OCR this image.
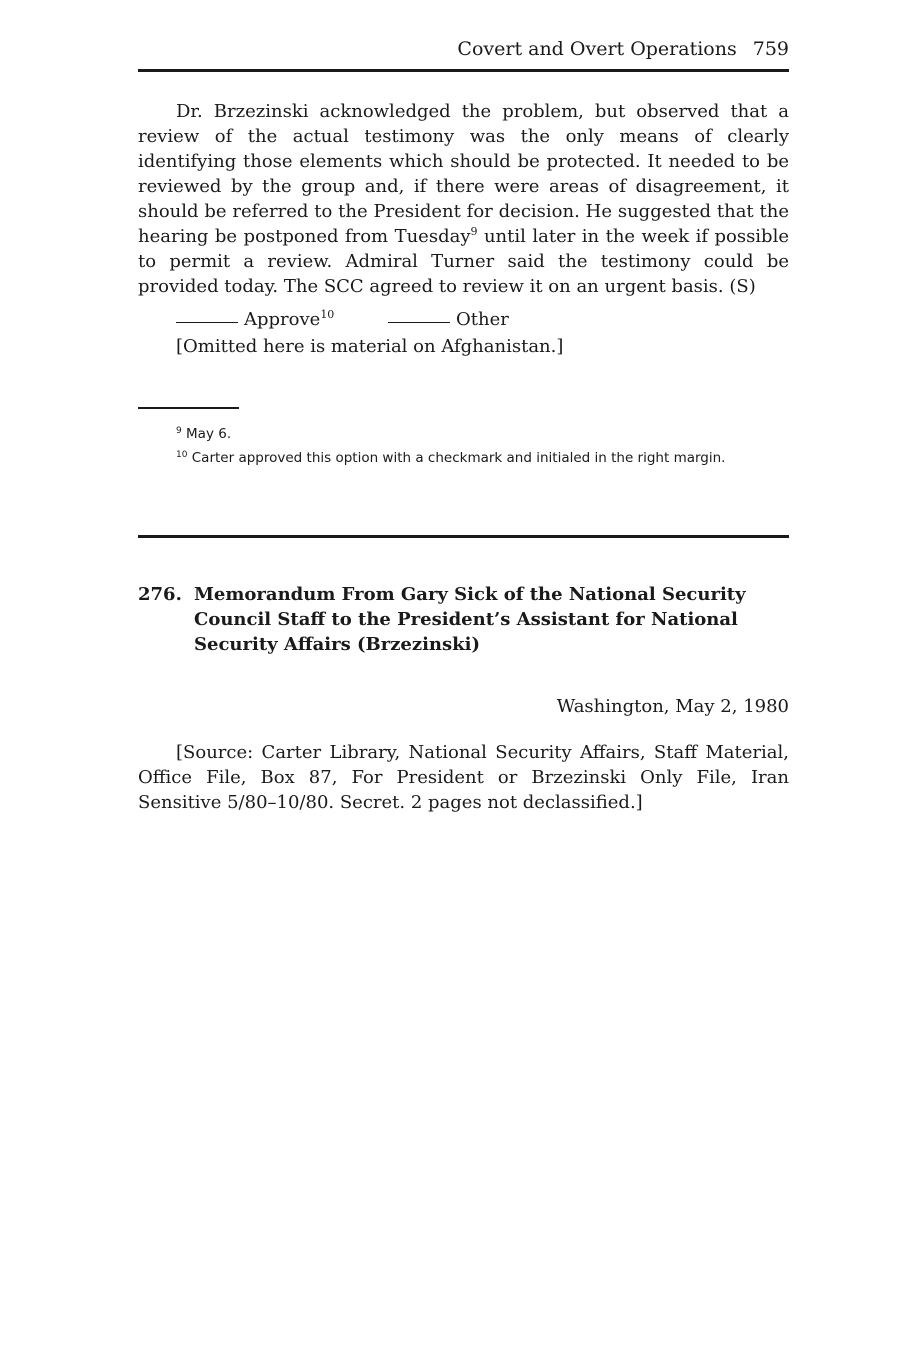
Covert and Overt Operations 759

Dr. Brzezinski acknowledged the problem, but observed that a review of the actual testimony was the only means of clearly identifying those elements which should be protected. It needed to be reviewed by the group and, if there were areas of disagreement, it should be referred to the President for decision. He suggested that the hearing be postponed from Tuesday$^9$ until later in the week if possible to permit a review. Admiral Turner said the testimony could be provided today. The SCC agreed to review it on an urgent basis. (S)

Approve$^{10}$	Other
[Omitted here is material on Afghanistan.]
$^9$ May 6.
$^{10}$ Carter approved this option with a checkmark and initialed in the right margin.
276. Memorandum From Gary Sick of the National Security Council Staff to the President’s Assistant for National Security Affairs (Brzezinski)
Washington, May 2, 1980

[Source: Carter Library, National Security Affairs, Staff Material, Office File, Box 87, For President or Brzezinski Only File, Iran Sensitive 5/80–10/80. Secret. 2 pages not declassified.]
